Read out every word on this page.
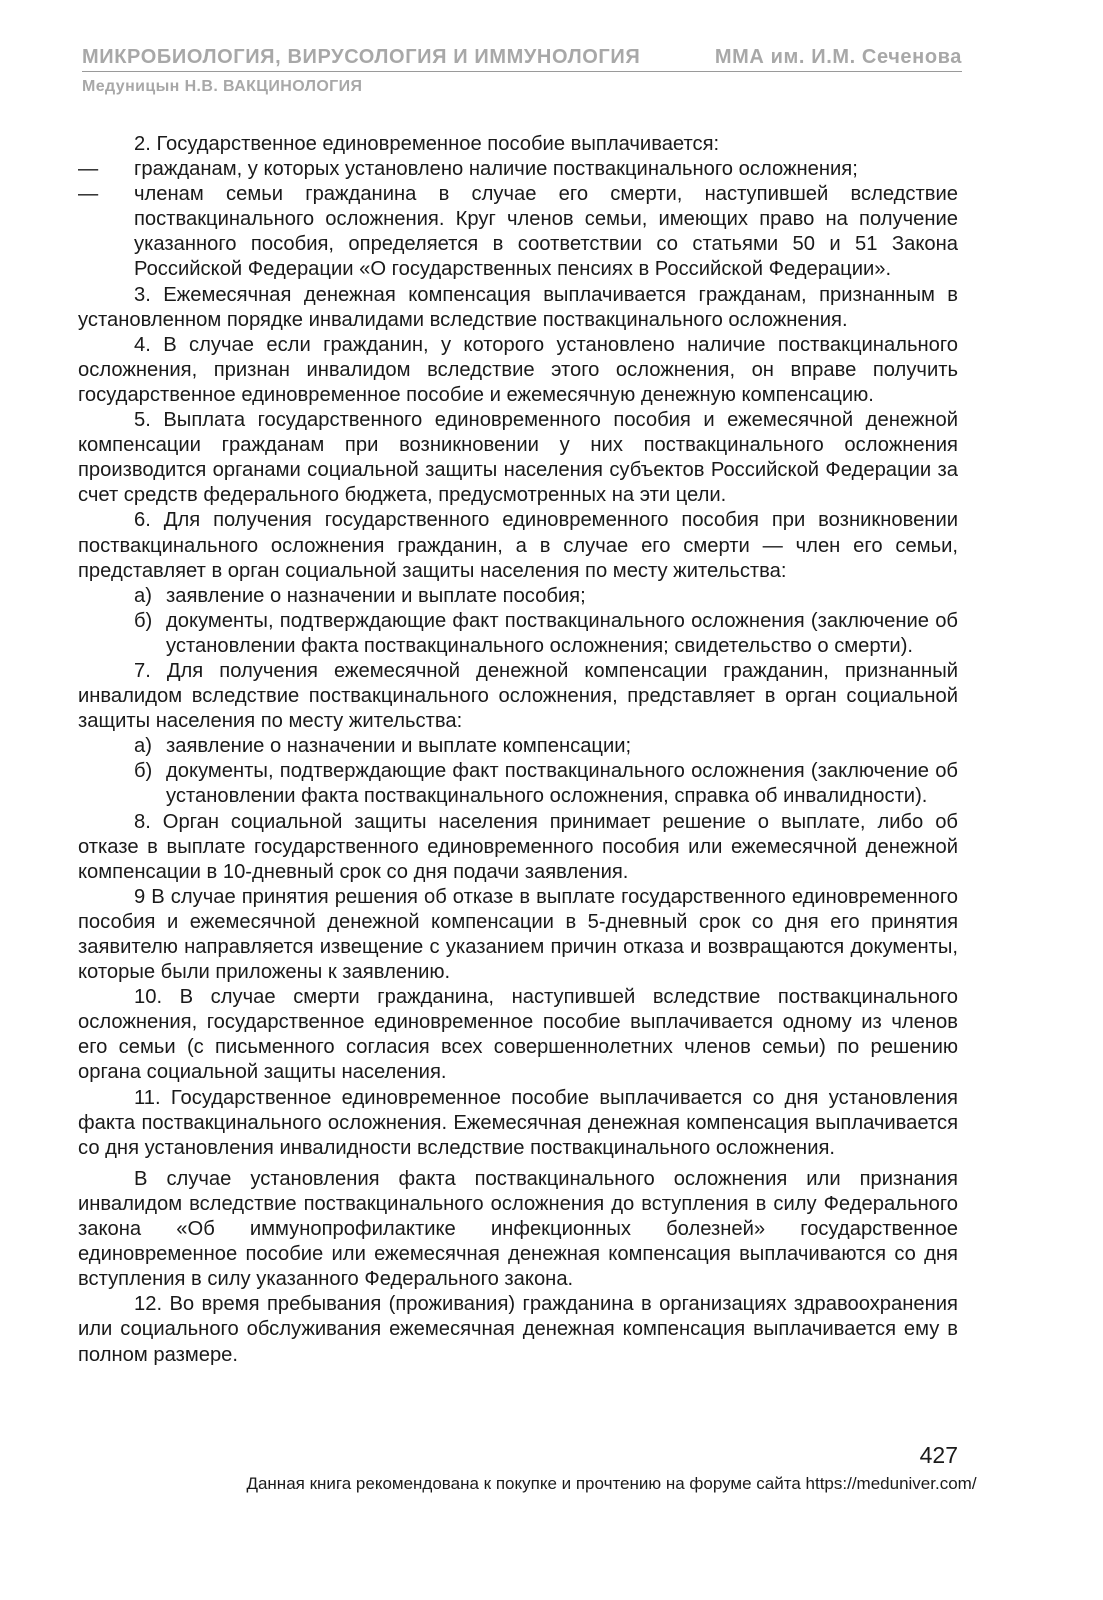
МИКРОБИОЛОГИЯ, ВИРУСОЛОГИЯ И ИММУНОЛОГИЯ	ММА им. И.М. Сеченова
Медуницын Н.В. ВАКЦИНОЛОГИЯ

2. Государственное единовременное пособие выплачивается:

—	гражданам, у которых установлено наличие поствакцинального осложнения;
—	членам семьи гражданина в случае его смерти, наступившей вследствие поствакцинального осложнения. Круг членов семьи, имеющих право на получение указанного пособия, определяется в соответствии со статьями 50 и 51 Закона Российской Федерации «О государственных пенсиях в Российской Федерации».

3. Ежемесячная денежная компенсация выплачивается гражданам, признанным в установленном порядке инвалидами вследствие поствакцинального осложнения.

4. В случае если гражданин, у которого установлено наличие поствакцинального осложнения, признан инвалидом вследствие этого осложнения, он вправе получить государственное единовременное пособие и ежемесячную денежную компенсацию.

5. Выплата государственного единовременного пособия и ежемесячной денежной компенсации гражданам при возникновении у них поствакцинального осложнения производится органами социальной защиты населения субъектов Российской Федерации за счет средств федерального бюджета, предусмотренных на эти цели.

6. Для получения государственного единовременного пособия при возникновении поствакцинального осложнения гражданин, а в случае его смерти — член его семьи, представляет в орган социальной защиты населения по месту жительства:

а) заявление о назначении и выплате пособия;
б) документы, подтверждающие факт поствакцинального осложнения (заключение об установлении факта поствакцинального осложнения; свидетельство о смерти).

7. Для получения ежемесячной денежной компенсации гражданин, признанный инвалидом вследствие поствакцинального осложнения, представляет в орган социальной защиты населения по месту жительства:

а) заявление о назначении и выплате компенсации;
б) документы, подтверждающие факт поствакцинального осложнения (заключение об установлении факта поствакцинального осложнения, справка об инвалидности).

8. Орган социальной защиты населения принимает решение о выплате, либо об отказе в выплате государственного единовременного пособия или ежемесячной денежной компенсации в 10-дневный срок со дня подачи заявления.

9 В случае принятия решения об отказе в выплате государственного единовременного пособия и ежемесячной денежной компенсации в 5-дневный срок со дня его принятия заявителю направляется извещение с указанием причин отказа и возвращаются документы, которые были приложены к заявлению.

10. В случае смерти гражданина, наступившей вследствие поствакцинального осложнения, государственное единовременное пособие выплачивается одному из членов его семьи (с письменного согласия всех совершеннолетних членов семьи) по решению органа социальной защиты населения.

11. Государственное единовременное пособие выплачивается со дня установления факта поствакцинального осложнения. Ежемесячная денежная компенсация выплачивается со дня установления инвалидности вследствие поствакцинального осложнения.

В случае установления факта поствакцинального осложнения или признания инвалидом вследствие поствакцинального осложнения до вступления в силу Федерального закона «Об иммунопрофилактике инфекционных болезней» государственное единовременное пособие или ежемесячная денежная компенсация выплачиваются со дня вступления в силу указанного Федерального закона.

12. Во время пребывания (проживания) гражданина в организациях здравоохранения или социального обслуживания ежемесячная денежная компенсация выплачивается ему в полном размере.

427
Данная книга рекомендована к покупке и прочтению на форуме сайта https://meduniver.com/
